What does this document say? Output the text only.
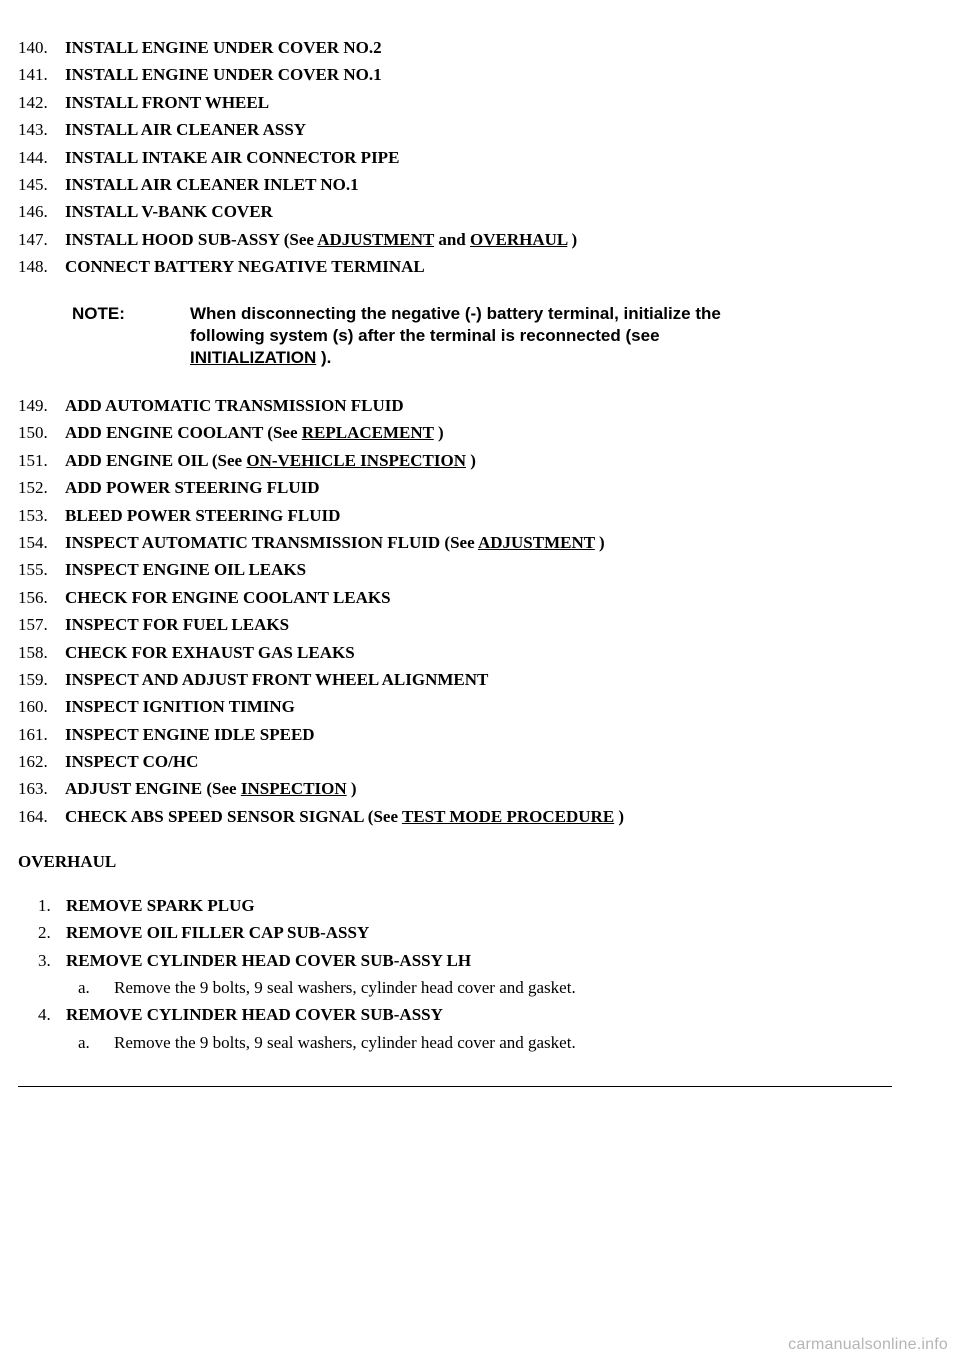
140. INSTALL ENGINE UNDER COVER NO.2
141. INSTALL ENGINE UNDER COVER NO.1
142. INSTALL FRONT WHEEL
143. INSTALL AIR CLEANER ASSY
144. INSTALL INTAKE AIR CONNECTOR PIPE
145. INSTALL AIR CLEANER INLET NO.1
146. INSTALL V-BANK COVER
147. INSTALL HOOD SUB-ASSY (See ADJUSTMENT and OVERHAUL )
148. CONNECT BATTERY NEGATIVE TERMINAL
NOTE:	When disconnecting the negative (-) battery terminal, initialize the
following system (s) after the terminal is reconnected (see
INITIALIZATION ).
149. ADD AUTOMATIC TRANSMISSION FLUID
150. ADD ENGINE COOLANT (See REPLACEMENT )
151. ADD ENGINE OIL (See ON-VEHICLE INSPECTION )
152. ADD POWER STEERING FLUID
153. BLEED POWER STEERING FLUID
154. INSPECT AUTOMATIC TRANSMISSION FLUID (See ADJUSTMENT )
155. INSPECT ENGINE OIL LEAKS
156. CHECK FOR ENGINE COOLANT LEAKS
157. INSPECT FOR FUEL LEAKS
158. CHECK FOR EXHAUST GAS LEAKS
159. INSPECT AND ADJUST FRONT WHEEL ALIGNMENT
160. INSPECT IGNITION TIMING
161. INSPECT ENGINE IDLE SPEED
162. INSPECT CO/HC
163. ADJUST ENGINE (See INSPECTION )
164. CHECK ABS SPEED SENSOR SIGNAL (See TEST MODE PROCEDURE )
OVERHAUL
1. REMOVE SPARK PLUG
2. REMOVE OIL FILLER CAP SUB-ASSY
3. REMOVE CYLINDER HEAD COVER SUB-ASSY LH
a. Remove the 9 bolts, 9 seal washers, cylinder head cover and gasket.
4. REMOVE CYLINDER HEAD COVER SUB-ASSY
a. Remove the 9 bolts, 9 seal washers, cylinder head cover and gasket.
carmanualsonline.info
